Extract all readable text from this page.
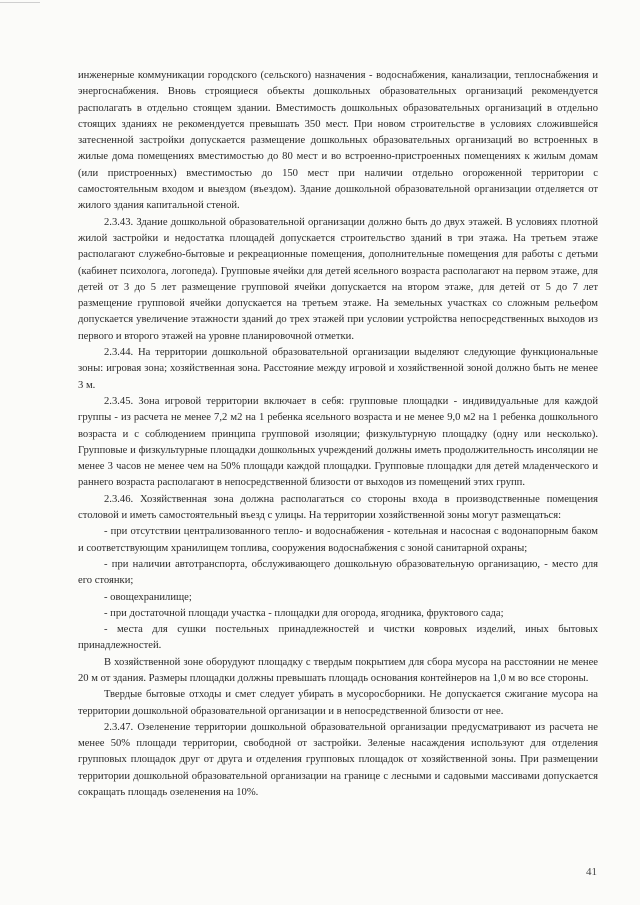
инженерные коммуникации городского (сельского) назначения - водоснабжения, канализации, теплоснабжения и энергоснабжения. Вновь строящиеся объекты дошкольных образовательных организаций рекомендуется располагать в отдельно стоящем здании. Вместимость дошкольных образовательных организаций в отдельно стоящих зданиях не рекомендуется превышать 350 мест. При новом строительстве в условиях сложившейся затесненной застройки допускается размещение дошкольных образовательных организаций во встроенных в жилые дома помещениях вместимостью до 80 мест и во встроенно-пристроенных помещениях к жилым домам (или пристроенных) вместимостью до 150 мест при наличии отдельно огороженной территории с самостоятельным входом и выездом (въездом). Здание дошкольной образовательной организации отделяется от жилого здания капитальной стеной.

2.3.43. Здание дошкольной образовательной организации должно быть до двух этажей. В условиях плотной жилой застройки и недостатка площадей допускается строительство зданий в три этажа. На третьем этаже располагают служебно-бытовые и рекреационные помещения, дополнительные помещения для работы с детьми (кабинет психолога, логопеда). Групповые ячейки для детей ясельного возраста располагают на первом этаже, для детей от 3 до 5 лет размещение групповой ячейки допускается на втором этаже, для детей от 5 до 7 лет размещение групповой ячейки допускается на третьем этаже. На земельных участках со сложным рельефом допускается увеличение этажности зданий до трех этажей при условии устройства непосредственных выходов из первого и второго этажей на уровне планировочной отметки.

2.3.44. На территории дошкольной образовательной организации выделяют следующие функциональные зоны: игровая зона; хозяйственная зона. Расстояние между игровой и хозяйственной зоной должно быть не менее 3 м.

2.3.45. Зона игровой территории включает в себя: групповые площадки - индивидуальные для каждой группы - из расчета не менее 7,2 м2 на 1 ребенка ясельного возраста и не менее 9,0 м2 на 1 ребенка дошкольного возраста и с соблюдением принципа групповой изоляции; физкультурную площадку (одну или несколько). Групповые и физкультурные площадки дошкольных учреждений должны иметь продолжительность инсоляции не менее 3 часов не менее чем на 50% площади каждой площадки. Групповые площадки для детей младенческого и раннего возраста располагают в непосредственной близости от выходов из помещений этих групп.

2.3.46. Хозяйственная зона должна располагаться со стороны входа в производственные помещения столовой и иметь самостоятельный въезд с улицы. На территории хозяйственной зоны могут размещаться:

- при отсутствии централизованного тепло- и водоснабжения - котельная и насосная с водонапорным баком и соответствующим хранилищем топлива, сооружения водоснабжения с зоной санитарной охраны;

- при наличии автотранспорта, обслуживающего дошкольную образовательную организацию, - место для его стоянки;

- овощехранилище;

- при достаточной площади участка - площадки для огорода, ягодника, фруктового сада;

- места для сушки постельных принадлежностей и чистки ковровых изделий, иных бытовых принадлежностей.

В хозяйственной зоне оборудуют площадку с твердым покрытием для сбора мусора на расстоянии не менее 20 м от здания. Размеры площадки должны превышать площадь основания контейнеров на 1,0 м во все стороны.

Твердые бытовые отходы и смет следует убирать в мусоросборники. Не допускается сжигание мусора на территории дошкольной образовательной организации и в непосредственной близости от нее.

2.3.47. Озеленение территории дошкольной образовательной организации предусматривают из расчета не менее 50% площади территории, свободной от застройки. Зеленые насаждения используют для отделения групповых площадок друг от друга и отделения групповых площадок от хозяйственной зоны. При размещении территории дошкольной образовательной организации на границе с лесными и садовыми массивами допускается сокращать площадь озеленения на 10%.

41
